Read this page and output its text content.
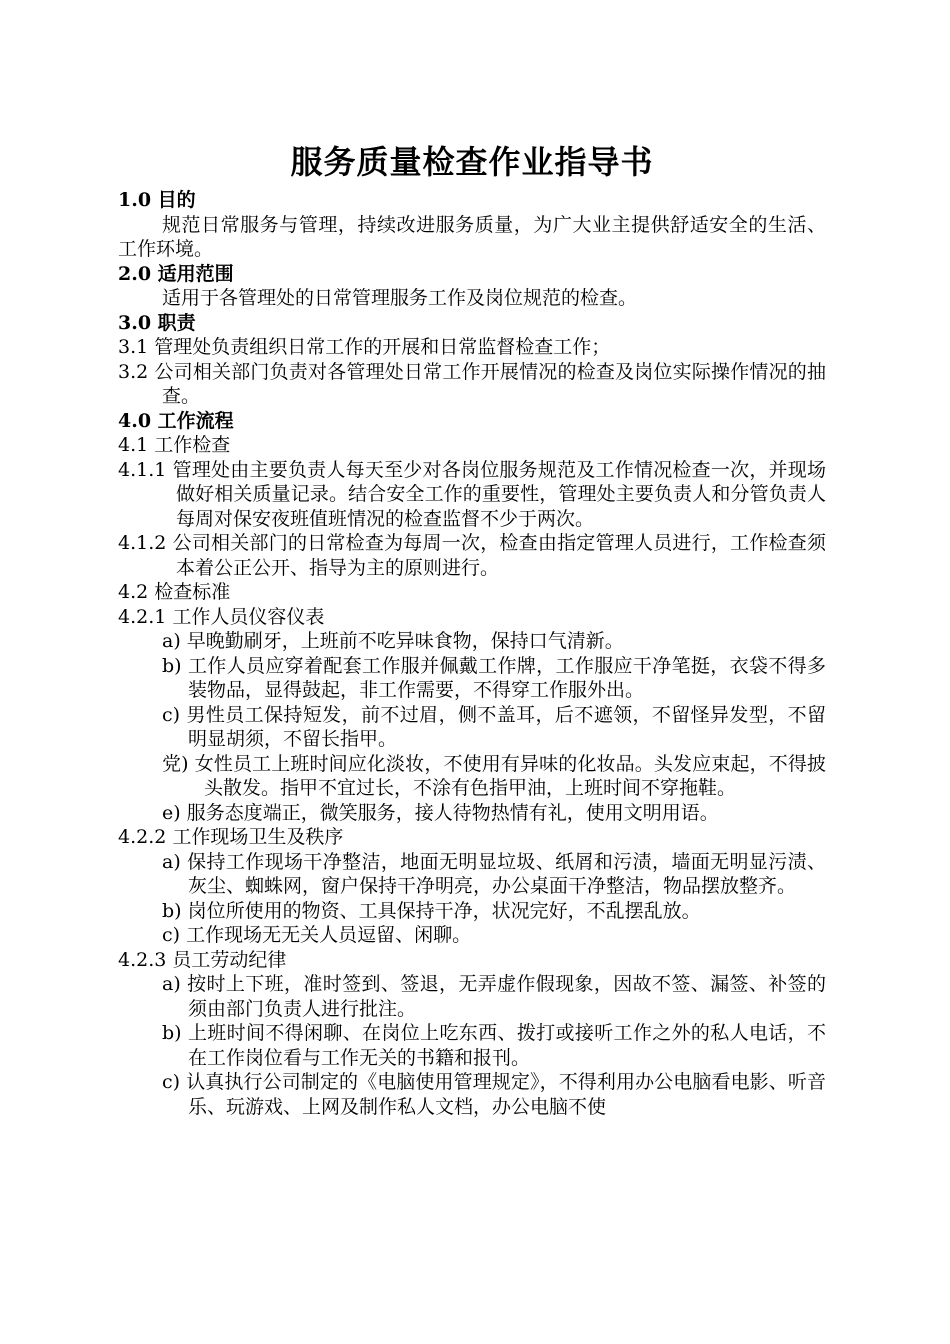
服务质量检查作业指导书
1.0 目的
规范日常服务与管理，持续改进服务质量，为广大业主提供舒适安全的生活、工作环境。
2.0 适用范围
适用于各管理处的日常管理服务工作及岗位规范的检查。
3.0 职责
3.1 管理处负责组织日常工作的开展和日常监督检查工作；
3.2 公司相关部门负责对各管理处日常工作开展情况的检查及岗位实际操作情况的抽查。
4.0 工作流程
4.1 工作检查
4.1.1 管理处由主要负责人每天至少对各岗位服务规范及工作情况检查一次，并现场做好相关质量记录。结合安全工作的重要性，管理处主要负责人和分管负责人每周对保安夜班值班情况的检查监督不少于两次。
4.1.2 公司相关部门的日常检查为每周一次，检查由指定管理人员进行，工作检查须本着公正公开、指导为主的原则进行。
4.2 检查标准
4.2.1 工作人员仪容仪表
a) 早晚勤刷牙，上班前不吃异味食物，保持口气清新。
b) 工作人员应穿着配套工作服并佩戴工作牌，工作服应干净笔挺，衣袋不得多装物品，显得鼓起，非工作需要，不得穿工作服外出。
c) 男性员工保持短发，前不过眉，侧不盖耳，后不遮领，不留怪异发型，不留明显胡须，不留长指甲。
党) 女性员工上班时间应化淡妆，不使用有异味的化妆品。头发应束起，不得披头散发。指甲不宜过长，不涂有色指甲油，上班时间不穿拖鞋。
e) 服务态度端正，微笑服务，接人待物热情有礼，使用文明用语。
4.2.2 工作现场卫生及秩序
a) 保持工作现场干净整洁，地面无明显垃圾、纸屑和污渍，墙面无明显污渍、灰尘、蜘蛛网，窗户保持干净明亮，办公桌面干净整洁，物品摆放整齐。
b) 岗位所使用的物资、工具保持干净，状况完好，不乱摆乱放。
c) 工作现场无无关人员逗留、闲聊。
4.2.3 员工劳动纪律
a) 按时上下班，准时签到、签退，无弄虚作假现象，因故不签、漏签、补签的须由部门负责人进行批注。
b) 上班时间不得闲聊、在岗位上吃东西、拨打或接听工作之外的私人电话，不在工作岗位看与工作无关的书籍和报刊。
c) 认真执行公司制定的《电脑使用管理规定》，不得利用办公电脑看电影、听音乐、玩游戏、上网及制作私人文档，办公电脑不使
